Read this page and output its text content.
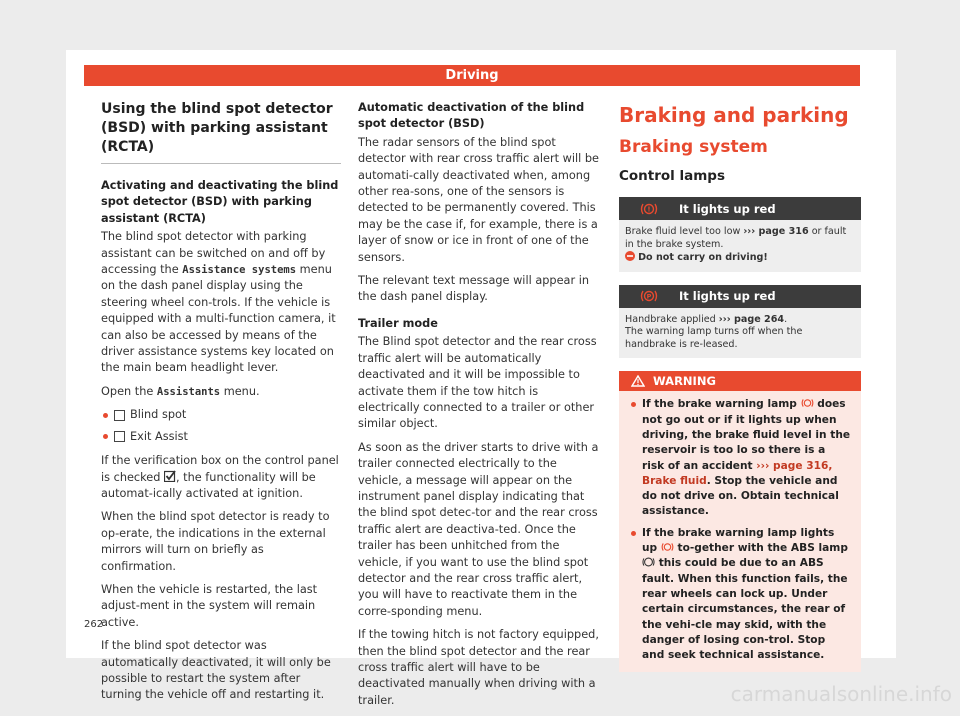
Driving
Using the blind spot detector (BSD) with parking assistant (RCTA)
Activating and deactivating the blind spot detector (BSD) with parking assistant (RCTA)

The blind spot detector with parking assistant can be switched on and off by accessing the Assistance systems menu on the dash panel display using the steering wheel con-trols. If the vehicle is equipped with a multi-function camera, it can also be accessed by means of the driver assistance systems key located on the main beam headlight lever.

Open the Assistants menu.

Blind spot
Exit Assist

If the verification box on the control panel is checked , the functionality will be automat-ically activated at ignition.

When the blind spot detector is ready to op-erate, the indications in the external mirrors will turn on briefly as confirmation.

When the vehicle is restarted, the last adjust-ment in the system will remain active.

If the blind spot detector was automatically deactivated, it will only be possible to restart the system after turning the vehicle off and restarting it.

Automatic deactivation of the blind spot detector (BSD)

The radar sensors of the blind spot detector with rear cross traffic alert will be automati-cally deactivated when, among other rea-sons, one of the sensors is detected to be permanently covered. This may be the case if, for example, there is a layer of snow or ice in front of one of the sensors.

The relevant text message will appear in the dash panel display.

Trailer mode

The Blind spot detector and the rear cross traffic alert will be automatically deactivated and it will be impossible to activate them if the tow hitch is electrically connected to a trailer or other similar object.

As soon as the driver starts to drive with a trailer connected electrically to the vehicle, a message will appear on the instrument panel display indicating that the blind spot detec-tor and the rear cross traffic alert are deactiva-ted. Once the trailer has been unhitched from the vehicle, if you want to use the blind spot detector and the rear cross traffic alert, you will have to reactivate them in the corre-sponding menu.

If the towing hitch is not factory equipped, then the blind spot detector and the rear cross traffic alert will have to be deactivated manually when driving with a trailer.

Braking and parking
Braking system
Control lamps
! It lights up red
Brake fluid level too low ››› page 316 or fault in the brake system.
Do not carry on driving!
P It lights up red
Handbrake applied ››› page 264.
The warning lamp turns off when the handbrake is re-leased.
WARNING
If the brake warning lamp  does not go out or if it lights up when driving, the brake fluid level in the reservoir is too lo so there is a risk of an accident ››› page 316, Brake fluid. Stop the vehicle and do not drive on. Obtain technical assistance.
If the brake warning lamp lights up  to-gether with the ABS lamp  this could be due to an ABS fault. When this function fails, the rear wheels can lock up. Under certain circumstances, the rear of the vehi-cle may skid, with the danger of losing con-trol. Stop and seek technical assistance.
262
carmanualsonline.info
